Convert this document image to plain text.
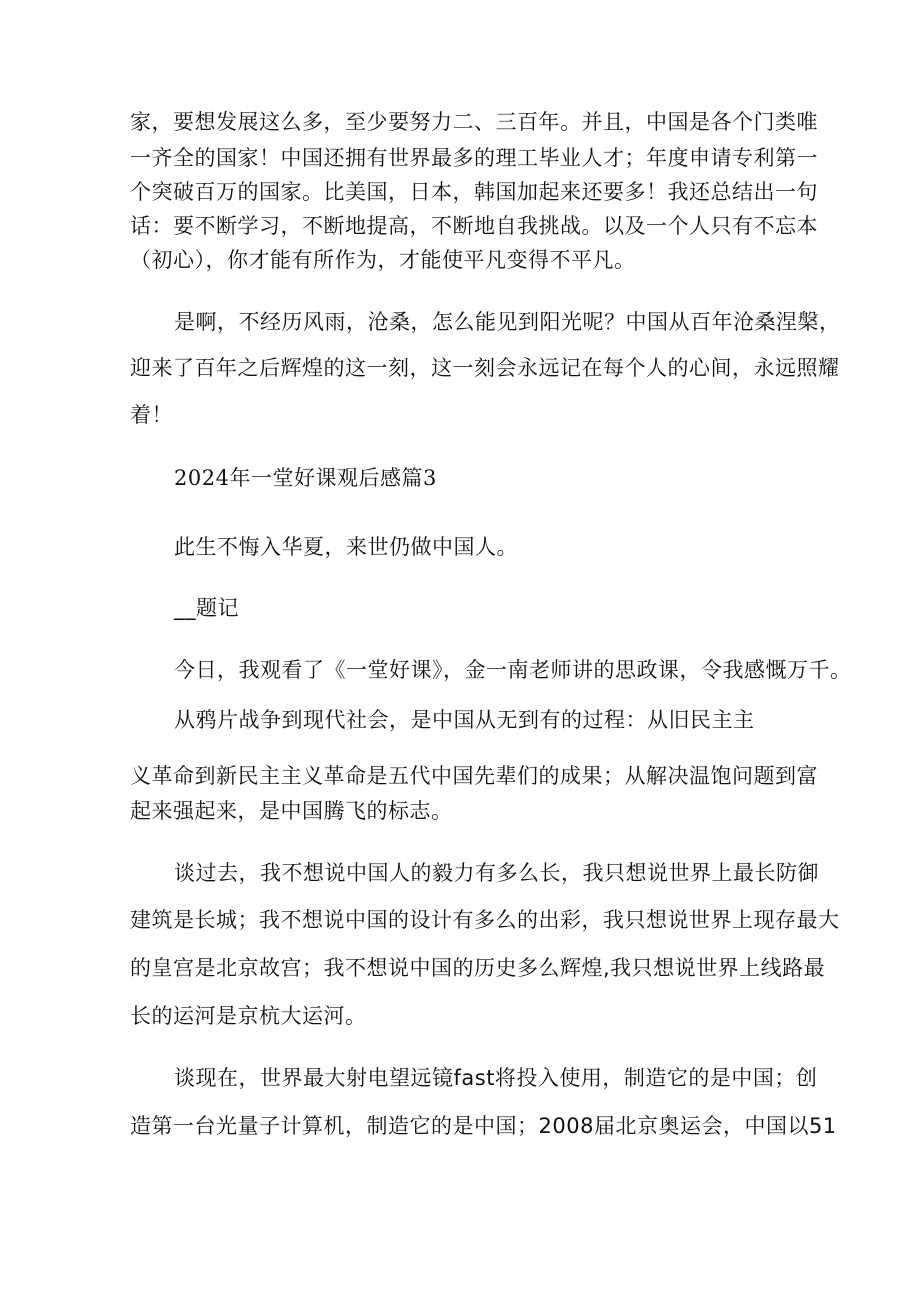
家，要想发展这么多，至少要努力二、三百年。并且，中国是各个门类唯
一齐全的国家！中国还拥有世界最多的理工毕业人才；年度申请专利第一
个突破百万的国家。比美国，日本，韩国加起来还要多！我还总结出一句
话：要不断学习，不断地提高，不断地自我挑战。以及一个人只有不忘本
（初心），你才能有所作为，才能使平凡变得不平凡。
是啊，不经历风雨，沧桑，怎么能见到阳光呢？中国从百年沧桑涅槃，
迎来了百年之后辉煌的这一刻，这一刻会永远记在每个人的心间，永远照耀
着！
2024年一堂好课观后感篇3
此生不悔入华夏，来世仍做中国人。
__题记
今日，我观看了《一堂好课》，金一南老师讲的思政课，令我感慨万千。
从鸦片战争到现代社会，是中国从无到有的过程：从旧民主主
义革命到新民主主义革命是五代中国先辈们的成果；从解决温饱问题到富
起来强起来，是中国腾飞的标志。
谈过去，我不想说中国人的毅力有多么长，我只想说世界上最长防御
建筑是长城；我不想说中国的设计有多么的出彩，我只想说世界上现存最大
的皇宫是北京故宫；我不想说中国的历史多么辉煌,我只想说世界上线路最
长的运河是京杭大运河。
谈现在，世界最大射电望远镜fast将投入使用，制造它的是中国；创
造第一台光量子计算机，制造它的是中国；2008届北京奥运会，中国以51
